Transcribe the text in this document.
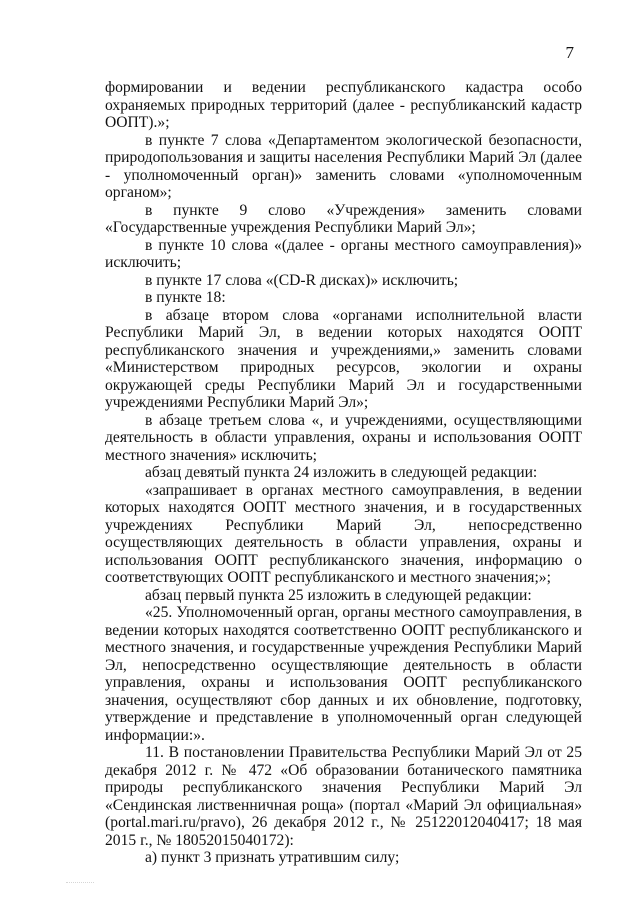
7

формировании и ведении республиканского кадастра особо охраняемых природных территорий (далее - республиканский кадастр ООПТ).»;

в пункте 7 слова «Департаментом экологической безопасности, природопользования и защиты населения Республики Марий Эл (далее - уполномоченный орган)» заменить словами «уполномоченным органом»;

в пункте 9 слово «Учреждения» заменить словами «Государственные учреждения Республики Марий Эл»;

в пункте 10 слова «(далее - органы местного самоуправления)» исключить;

в пункте 17 слова «(CD-R дисках)» исключить;

в пункте 18:

в абзаце втором слова «органами исполнительной власти Республики Марий Эл, в ведении которых находятся ООПТ республиканского значения и учреждениями,» заменить словами «Министерством природных ресурсов, экологии и охраны окружающей среды Республики Марий Эл и государственными учреждениями Республики Марий Эл»;

в абзаце третьем слова «, и учреждениями, осуществляющими деятельность в области управления, охраны и использования ООПТ местного значения» исключить;

абзац девятый пункта 24 изложить в следующей редакции:

«запрашивает в органах местного самоуправления, в ведении которых находятся ООПТ местного значения, и в государственных учреждениях Республики Марий Эл, непосредственно осуществляющих деятельность в области управления, охраны и использования ООПТ республиканского значения, информацию о соответствующих ООПТ республиканского и местного значения;»;

абзац первый пункта 25 изложить в следующей редакции:

«25. Уполномоченный орган, органы местного самоуправления, в ведении которых находятся соответственно ООПТ республиканского и местного значения, и государственные учреждения Республики Марий Эл, непосредственно осуществляющие деятельность в области управления, охраны и использования ООПТ республиканского значения, осуществляют сбор данных и их обновление, подготовку, утверждение и представление в уполномоченный орган следующей информации:».

11. В постановлении Правительства Республики Марий Эл от 25 декабря 2012 г. № 472 «Об образовании ботанического памятника природы республиканского значения Республики Марий Эл «Сендинская лиственничная роща» (портал «Марий Эл официальная» (portal.mari.ru/pravo), 26 декабря 2012 г., № 25122012040417; 18 мая 2015 г., № 18052015040172):

а) пункт 3 признать утратившим силу;
